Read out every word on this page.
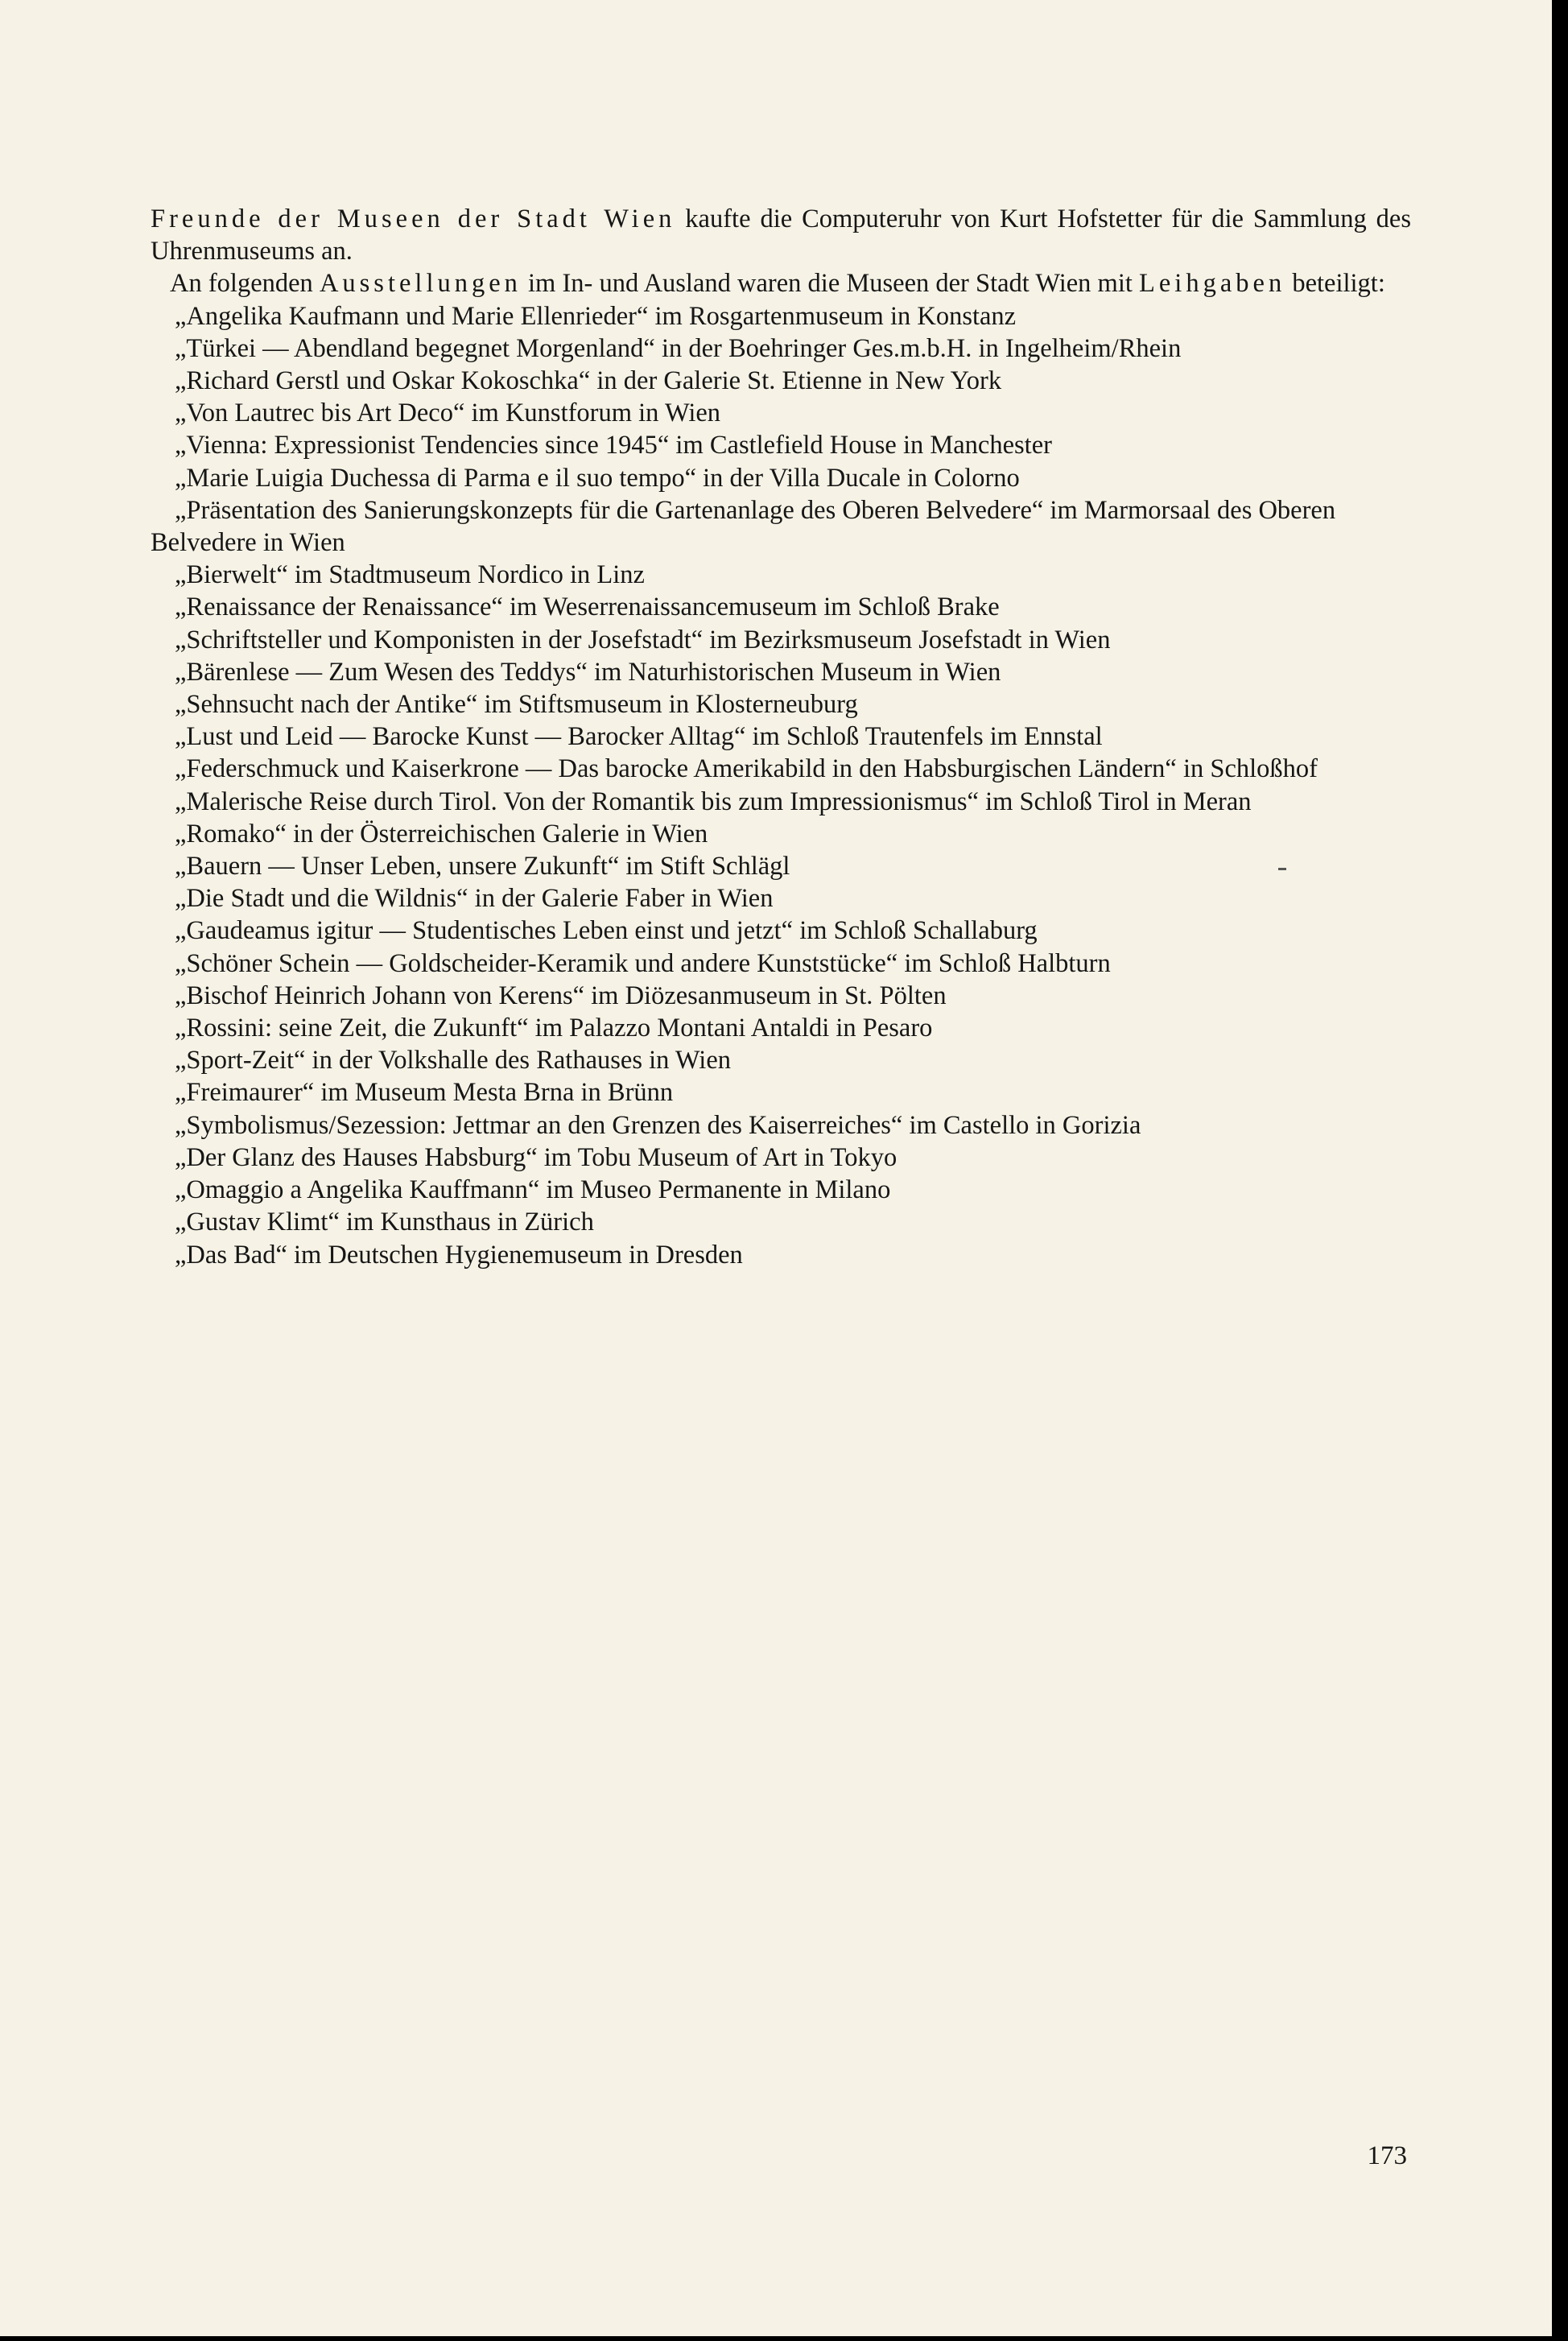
Freunde der Museen der Stadt Wien kaufte die Computeruhr von Kurt Hofstetter für die Sammlung des Uhrenmuseums an.

An folgenden Ausstellungen im In- und Ausland waren die Museen der Stadt Wien mit Leihgaben beteiligt:

„Angelika Kaufmann und Marie Ellenrieder“ im Rosgartenmuseum in Konstanz
„Türkei — Abendland begegnet Morgenland“ in der Boehringer Ges.m.b.H. in Ingelheim/Rhein
„Richard Gerstl und Oskar Kokoschka“ in der Galerie St. Etienne in New York
„Von Lautrec bis Art Deco“ im Kunstforum in Wien
„Vienna: Expressionist Tendencies since 1945“ im Castlefield House in Manchester
„Marie Luigia Duchessa di Parma e il suo tempo“ in der Villa Ducale in Colorno
„Präsentation des Sanierungskonzepts für die Gartenanlage des Oberen Belvedere“ im Marmorsaal des Oberen Belvedere in Wien
„Bierwelt“ im Stadtmuseum Nordico in Linz
„Renaissance der Renaissance“ im Weserrenaissancemuseum im Schloß Brake
„Schriftsteller und Komponisten in der Josefstadt“ im Bezirksmuseum Josefstadt in Wien
„Bärenlese — Zum Wesen des Teddys“ im Naturhistorischen Museum in Wien
„Sehnsucht nach der Antike“ im Stiftsmuseum in Klosterneuburg
„Lust und Leid — Barocke Kunst — Barocker Alltag“ im Schloß Trautenfels im Ennstal
„Federschmuck und Kaiserkrone — Das barocke Amerikabild in den Habsburgischen Ländern“ in Schloßhof
„Malerische Reise durch Tirol. Von der Romantik bis zum Impressionismus“ im Schloß Tirol in Meran
„Romako“ in der Österreichischen Galerie in Wien
„Bauern — Unser Leben, unsere Zukunft“ im Stift Schlägl
„Die Stadt und die Wildnis“ in der Galerie Faber in Wien
„Gaudeamus igitur — Studentisches Leben einst und jetzt“ im Schloß Schallaburg
„Schöner Schein — Goldscheider-Keramik und andere Kunststücke“ im Schloß Halbturn
„Bischof Heinrich Johann von Kerens“ im Diözesanmuseum in St. Pölten
„Rossini: seine Zeit, die Zukunft“ im Palazzo Montani Antaldi in Pesaro
„Sport-Zeit“ in der Volkshalle des Rathauses in Wien
„Freimaurer“ im Museum Mesta Brna in Brünn
„Symbolismus/Sezession: Jettmar an den Grenzen des Kaiserreiches“ im Castello in Gorizia
„Der Glanz des Hauses Habsburg“ im Tobu Museum of Art in Tokyo
„Omaggio a Angelika Kauffmann“ im Museo Permanente in Milano
„Gustav Klimt“ im Kunsthaus in Zürich
„Das Bad“ im Deutschen Hygienemuseum in Dresden
173
